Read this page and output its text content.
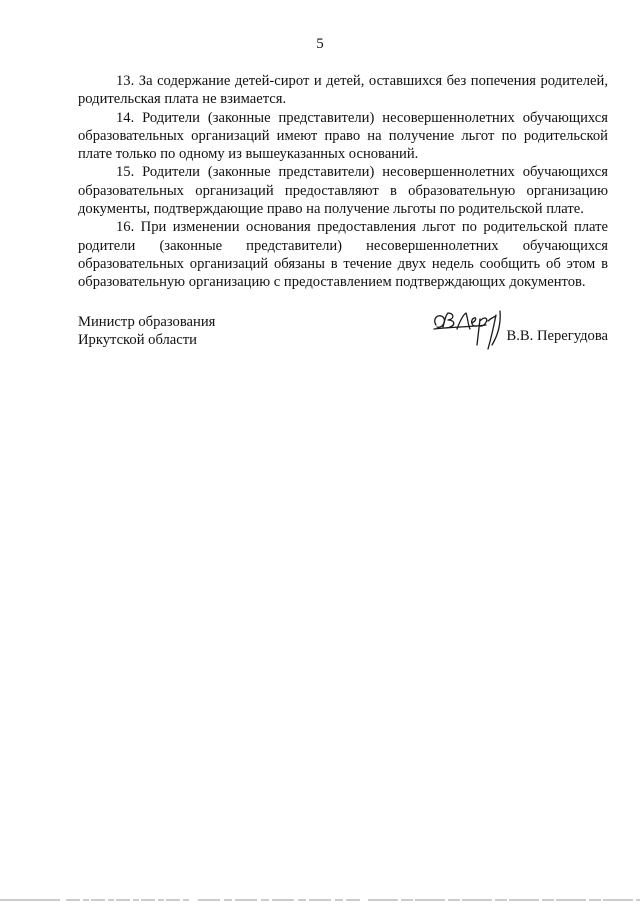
5

13. За содержание детей-сирот и детей, оставшихся без попечения родителей, родительская плата не взимается.

14. Родители (законные представители) несовершеннолетних обучающихся образовательных организаций имеют право на получение льгот по родительской плате только по одному из вышеуказанных оснований.

15. Родители (законные представители) несовершеннолетних обучающихся образовательных организаций предоставляют в образовательную организацию документы, подтверждающие право на получение льготы по родительской плате.

16. При изменении основания предоставления льгот по родительской плате родители (законные представители) несовершеннолетних обучающихся образовательных организаций обязаны в течение двух недель сообщить об этом в образовательную организацию с предоставлением подтверждающих документов.

Министр образования
Иркутской области	В.В. Перегудова
